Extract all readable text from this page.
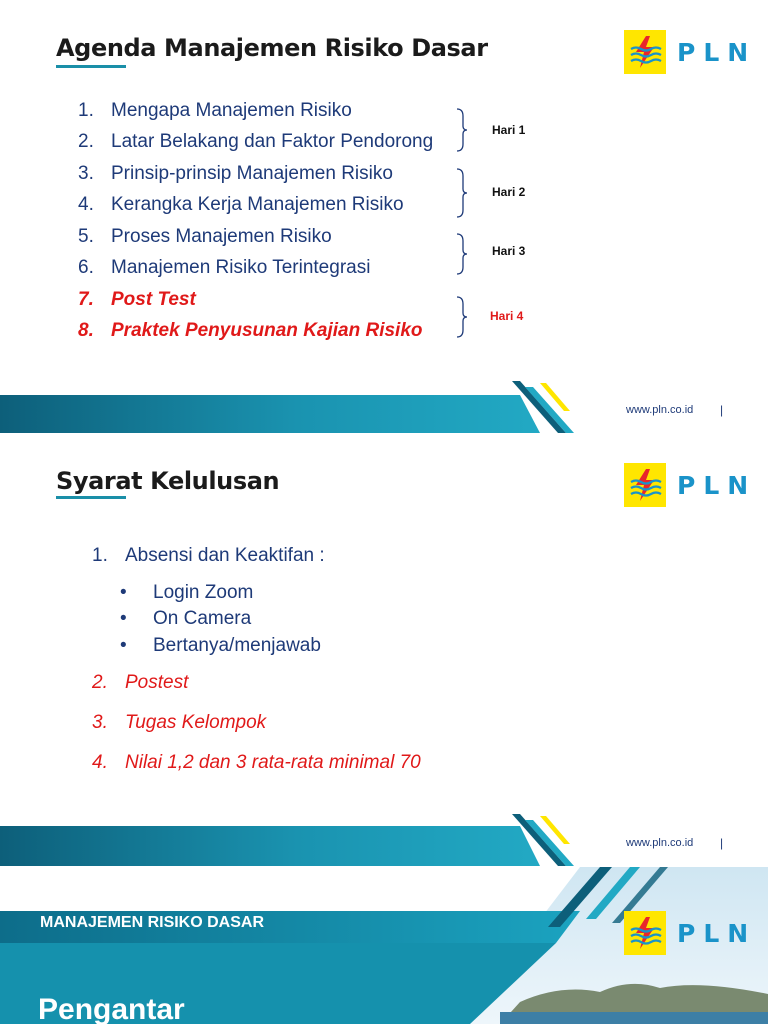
Agenda Manajemen Risiko Dasar	PLN
1. Mengapa Manajemen Risiko
2. Latar Belakang dan Faktor Pendorong
3. Prinsip-prinsip Manajemen Risiko
4. Kerangka Kerja Manajemen Risiko
5. Proses Manajemen Risiko
6. Manajemen Risiko Terintegrasi
7. Post Test
8. Praktek Penyusunan Kajian Risiko
Hari 1
Hari 2
Hari 3
Hari 4
www.pln.co.id |
Syarat Kelulusan	PLN
1. Absensi dan Keaktifan :
• Login Zoom
• On Camera
• Bertanya/menjawab
2. Postest
3. Tugas Kelompok
4. Nilai 1,2 dan 3 rata-rata minimal 70
www.pln.co.id |
MANAJEMEN RISIKO DASAR
Pengantar
PLN
